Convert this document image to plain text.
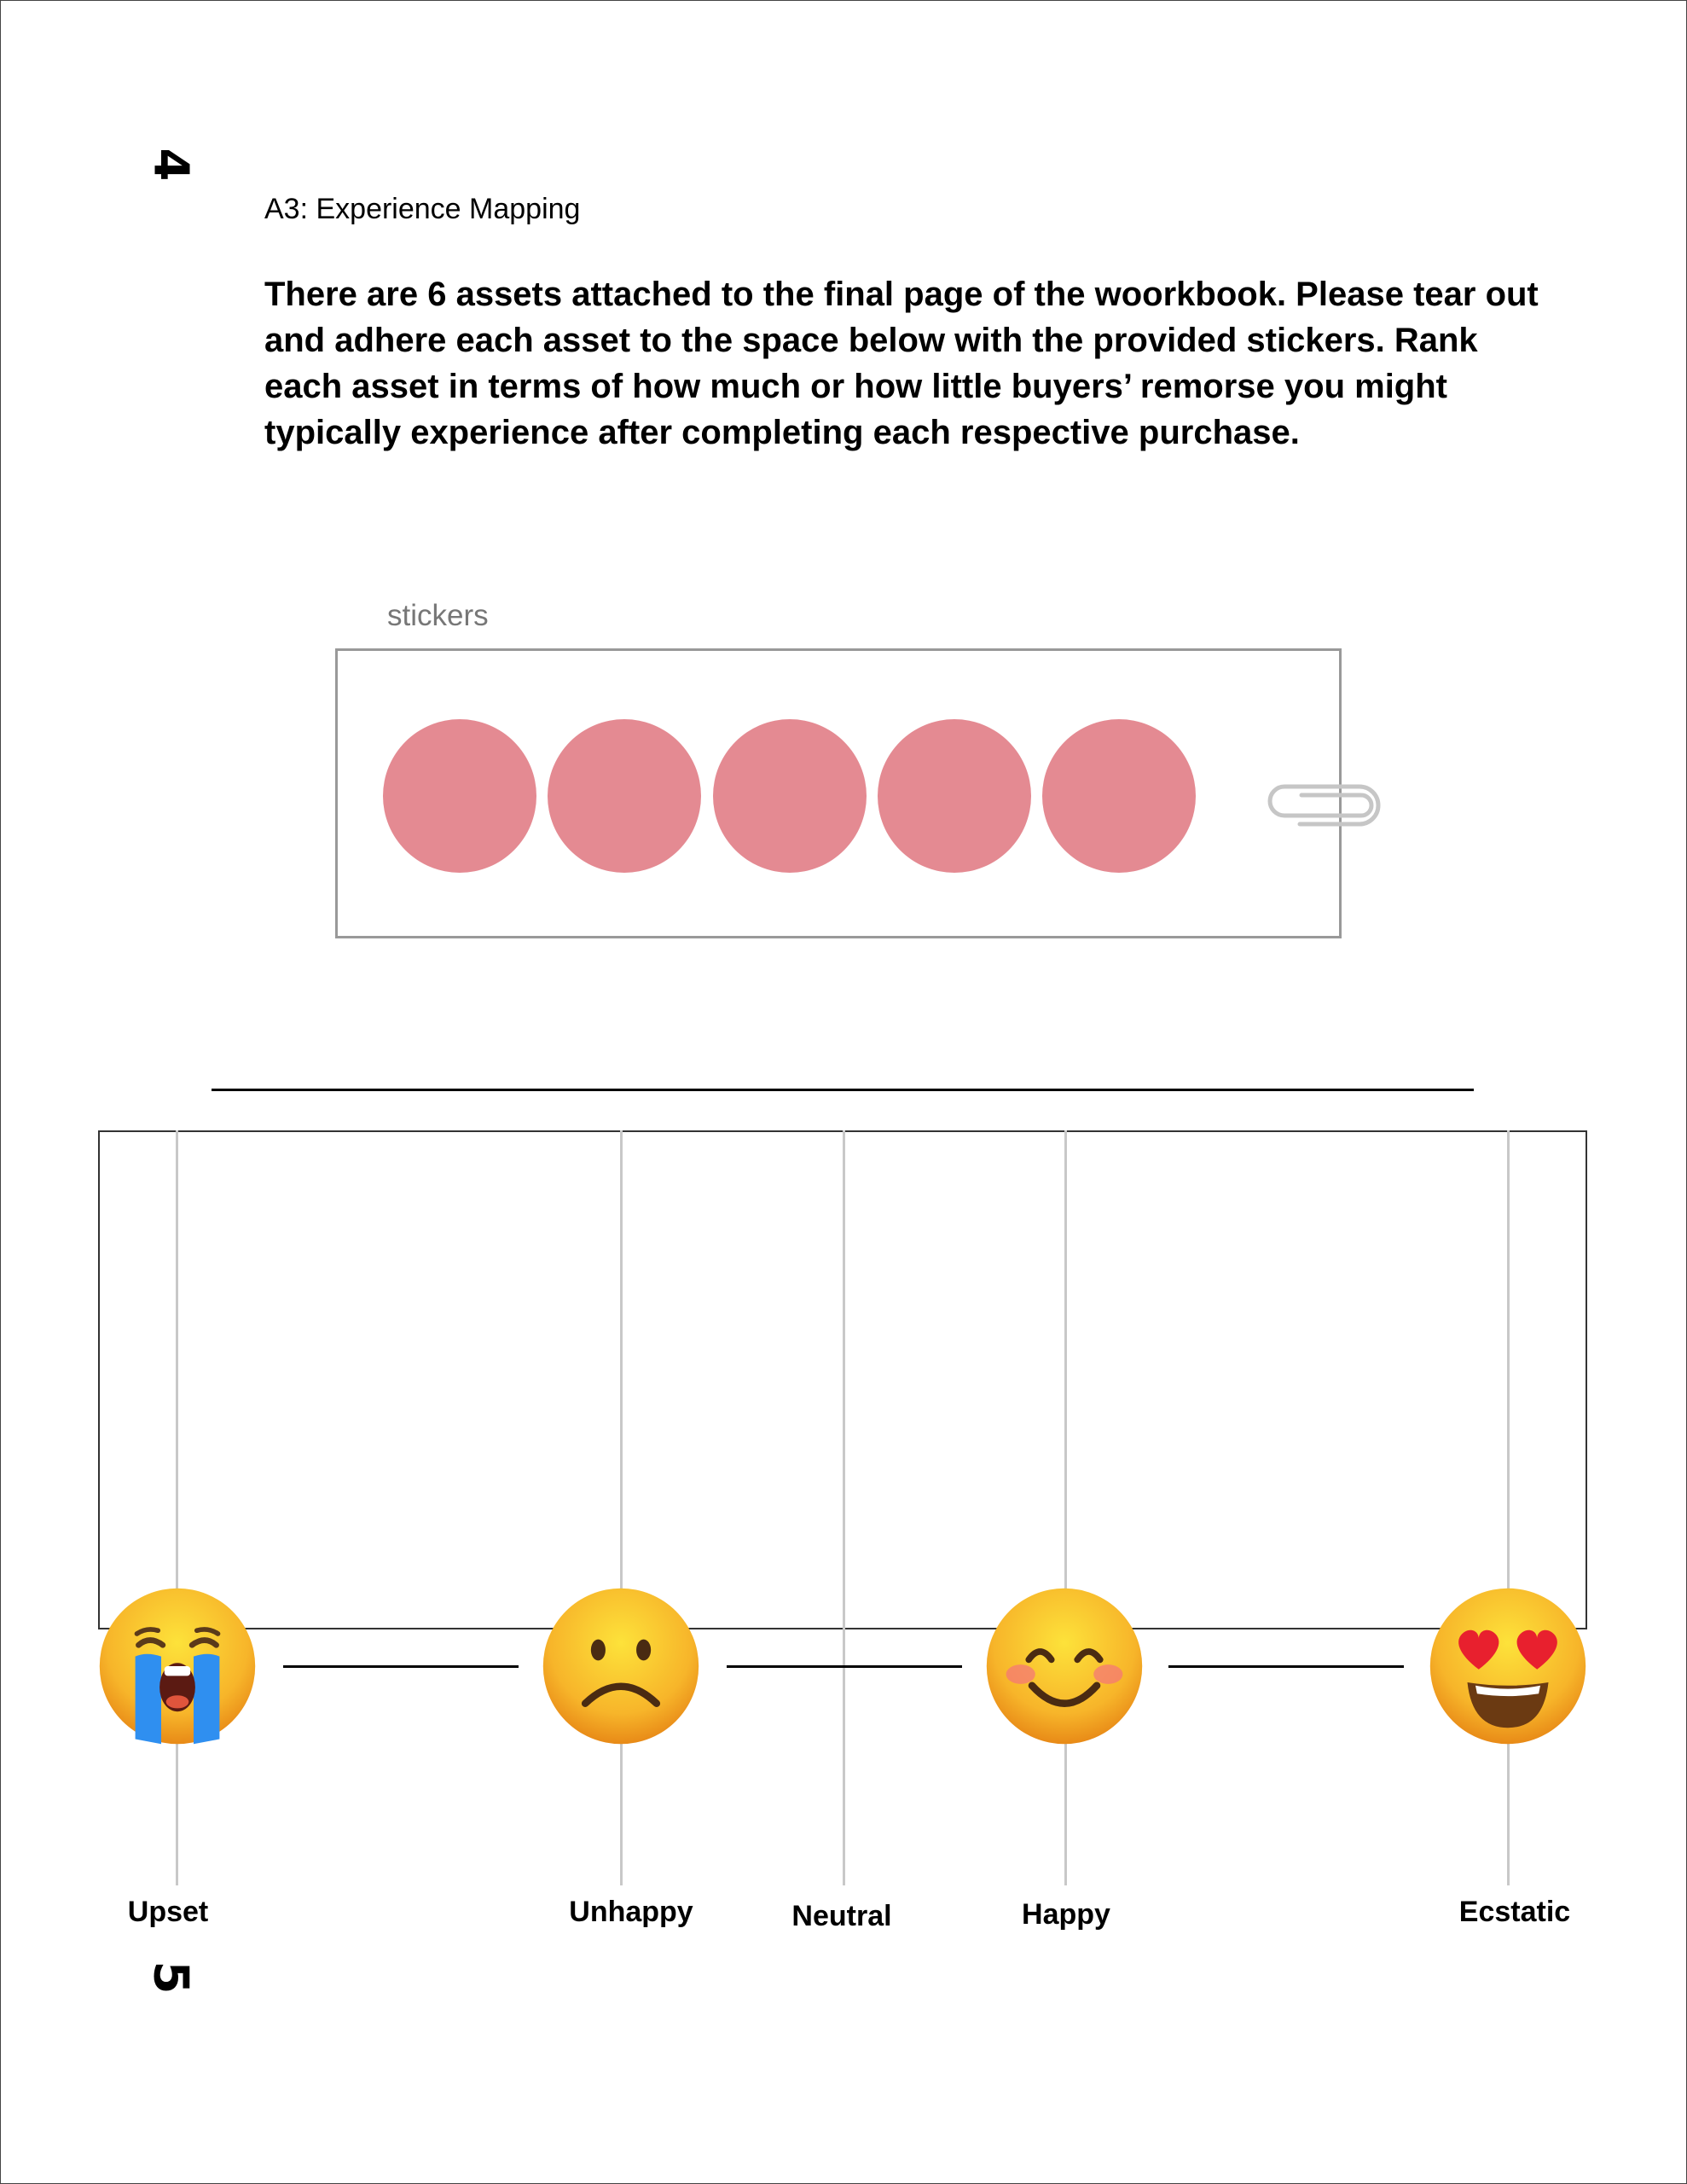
4
A3: Experience Mapping

There are 6 assets attached to the final page of the woorkbook. Please tear out and adhere each asset to the space below with the provided stickers. Rank each asset in terms of how much or how little buyers’ remorse you might typically experience after completing each respective purchase.

stickers
Upset	Unhappy	Neutral	Happy	Ecstatic
5
